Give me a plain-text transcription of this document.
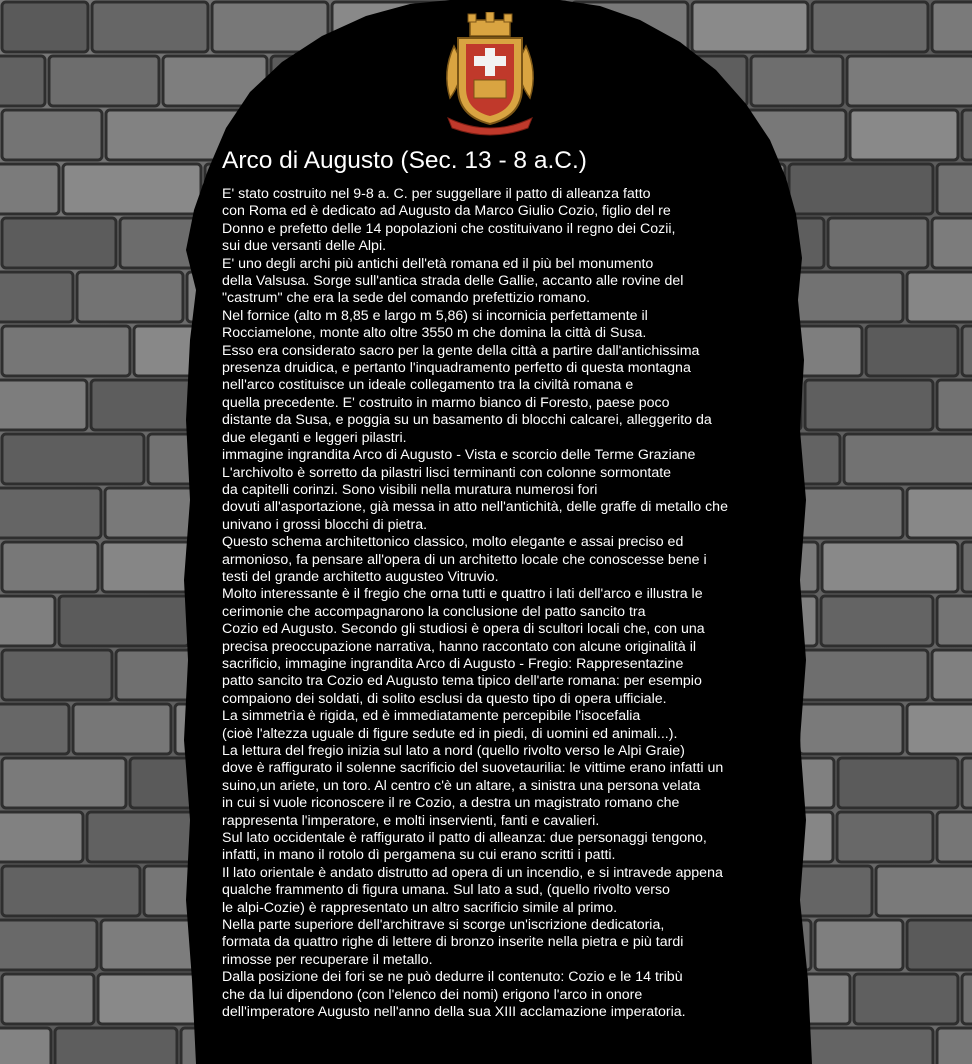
Arco di Augusto (Sec. 13 - 8 a.C.)
E' stato costruito nel 9-8 a. C. per suggellare il patto di alleanza fatto
con Roma ed è dedicato ad Augusto da Marco Giulio Cozio, figlio del re
Donno e prefetto delle 14 popolazioni che costituivano il regno dei Cozii,
sui due versanti delle Alpi.
E' uno degli archi più antichi dell'età romana ed il più bel monumento
della Valsusa. Sorge sull'antica strada delle Gallie, accanto alle rovine del
"castrum" che era la sede del comando prefettizio romano.
Nel fornice (alto m 8,85 e largo m 5,86) si incornicia perfettamente il
Rocciamelone, monte alto oltre 3550 m che domina la città di Susa.
Esso era considerato sacro per la gente della città a partire dall'antichissima
presenza druidica, e pertanto l'inquadramento perfetto di questa montagna
nell'arco costituisce un ideale collegamento tra la civiltà romana e
quella precedente. E' costruito in marmo bianco di Foresto, paese poco
distante da Susa, e poggia su un basamento di blocchi calcarei, alleggerito da
due eleganti e leggeri pilastri.
immagine ingrandita Arco di Augusto - Vista e scorcio delle Terme Graziane
L'archivolto è sorretto da pilastri lisci terminanti con colonne sormontate
da capitelli corinzi. Sono visibili nella muratura numerosi fori
dovuti all'asportazione, già messa in atto nell'antichità, delle graffe di metallo che
univano i grossi blocchi di pietra.
Questo schema architettonico classico, molto elegante e assai preciso ed
armonioso, fa pensare all'opera di un architetto locale che conoscesse bene i
testi del grande architetto augusteo Vitruvio.
Molto interessante è il fregio che orna tutti e quattro i lati dell'arco e illustra le
cerimonie che accompagnarono la conclusione del patto sancito tra
Cozio ed Augusto. Secondo gli studiosi è opera di scultori locali che, con una
precisa preoccupazione narrativa, hanno raccontato con alcune originalità il
sacrificio, immagine ingrandita Arco di Augusto - Fregio: Rappresentazine
patto sancito tra Cozio ed Augusto tema tipico dell'arte romana: per esempio
compaiono dei soldati, di solito esclusi da questo tipo di opera ufficiale.
La simmetrìa è rigida, ed è immediatamente percepibile l'isocefalia
(cioè l'altezza uguale di figure sedute ed in piedi, di uomini ed animali...).
La lettura del fregio inizia sul lato a nord (quello rivolto verso le Alpi Graie)
dove è raffigurato il solenne sacrificio del suovetaurilia: le vittime erano infatti un
suino,un ariete, un toro. Al centro c'è un altare, a sinistra una persona velata
in cui si vuole riconoscere il re Cozio, a destra un magistrato romano che
rappresenta l'imperatore, e molti inservienti, fanti e cavalieri.
Sul lato occidentale è raffigurato il patto di alleanza: due personaggi tengono,
infatti, in mano il rotolo dì pergamena su cui erano scritti i patti.
Il lato orientale è andato distrutto ad opera di un incendio, e si intravede appena
qualche frammento di figura umana. Sul lato a sud, (quello rivolto verso
le alpi-Cozie) è rappresentato un altro sacrificio simile al primo.
Nella parte superiore dell'architrave si scorge un'iscrizione dedicatoria,
formata da quattro righe di lettere di bronzo inserite nella pietra e più tardi
rimosse per recuperare il metallo.
Dalla posizione dei fori se ne può dedurre il contenuto: Cozio e le 14 tribù
che da lui dipendono (con l'elenco dei nomi) erigono l'arco in onore
dell'imperatore Augusto nell'anno della sua XIII acclamazione imperatoria.
